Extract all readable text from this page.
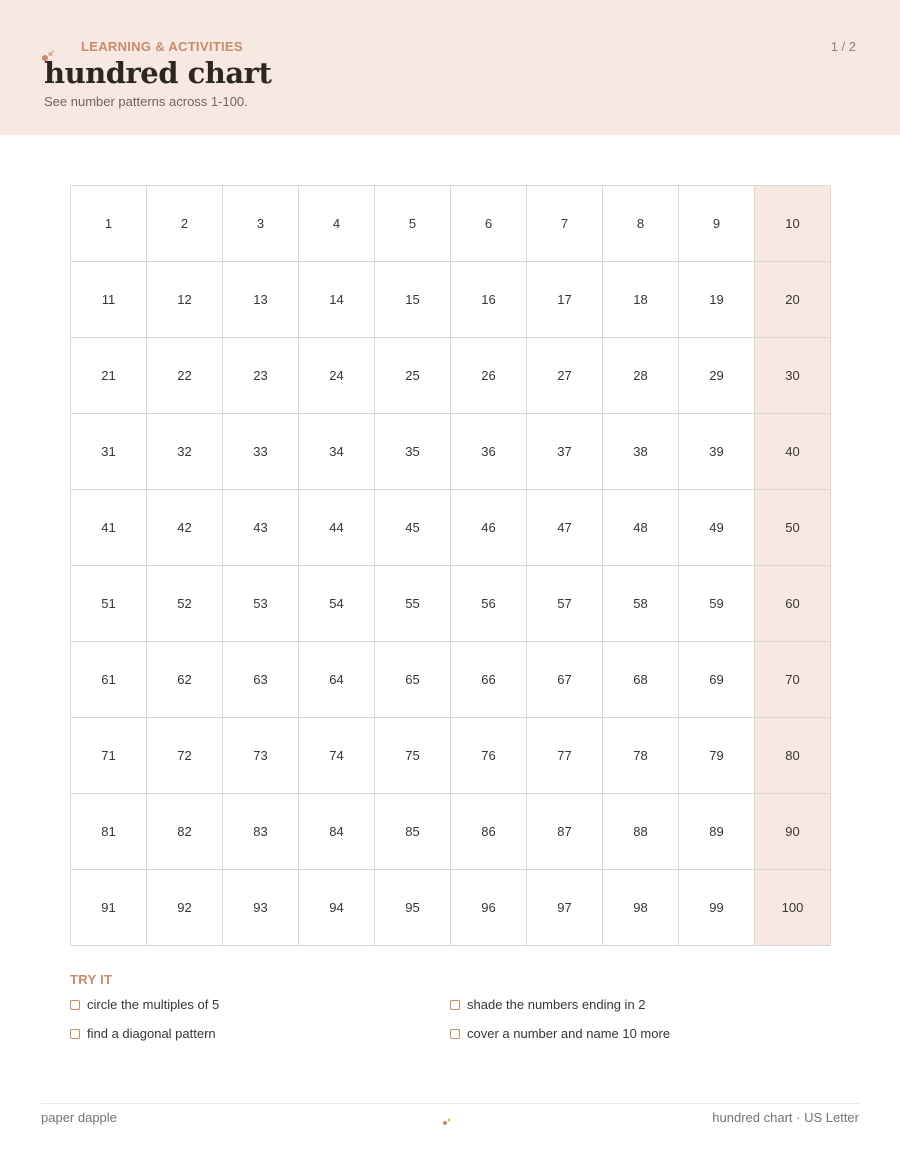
LEARNING & ACTIVITIES	1 / 2
hundred chart
See number patterns across 1-100.
1	2	3	4	5	6	7	8	9	10
11	12	13	14	15	16	17	18	19	20
21	22	23	24	25	26	27	28	29	30
31	32	33	34	35	36	37	38	39	40
41	42	43	44	45	46	47	48	49	50
51	52	53	54	55	56	57	58	59	60
61	62	63	64	65	66	67	68	69	70
71	72	73	74	75	76	77	78	79	80
81	82	83	84	85	86	87	88	89	90
91	92	93	94	95	96	97	98	99	100
TRY IT
circle the multiples of 5	shade the numbers ending in 2
find a diagonal pattern	cover a number and name 10 more
paper dapple	hundred chart · US Letter
